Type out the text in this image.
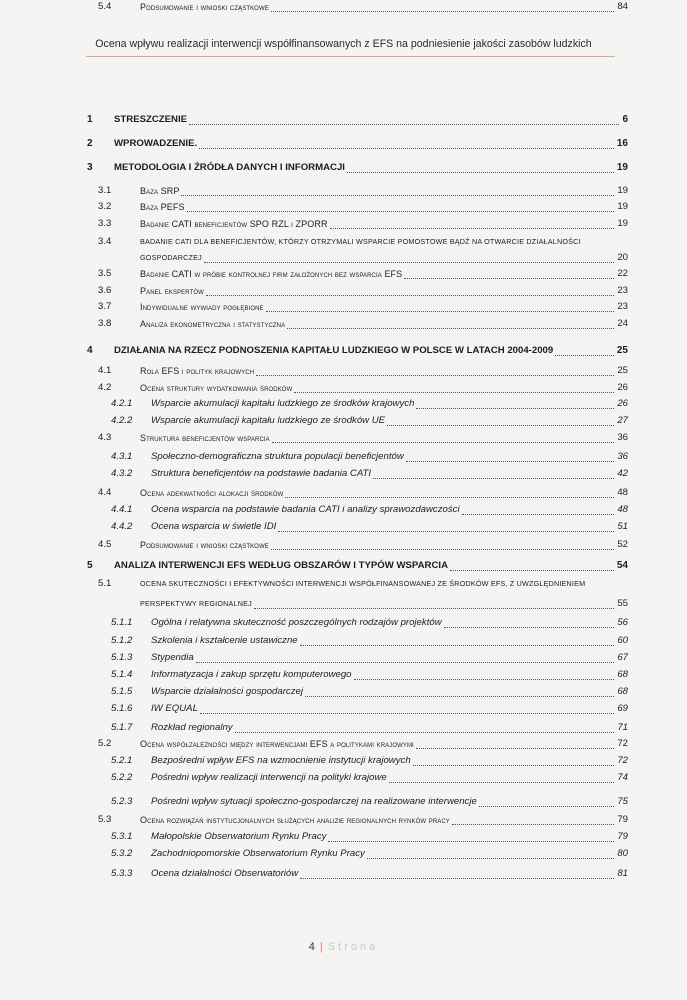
Ocena wpływu realizacji interwencji współfinansowanych z EFS na podniesienie jakości zasobów ludzkich
1 STRESZCZENIE	6
2 WPROWADZENIE.	16
3 METODOLOGIA I ŹRÓDŁA DANYCH I INFORMACJI	19
3.1	Baza SRP	19
3.2	Baza PEFS	19
3.3	Badanie CATI beneficjentów SPO RZL i ZPORR	19
3.4	BADANIE CATI DLA BENEFICJENTÓW, KTÓRZY OTRZYMALI WSPARCIE POMOSTOWE BĄDŹ NA OTWARCIE DZIAŁALNOŚCI
GOSPODARCZEJ	20
3.5	Badanie CATI w próbie kontrolnej firm założonych bez wsparcia EFS	22
3.6	Panel ekspertów	23
3.7	Indywidualne wywiady pogłębione	23
3.8	Analiza ekonometryczna i statystyczna	24
4 DZIAŁANIA NA RZECZ PODNOSZENIA KAPITAŁU LUDZKIEGO W POLSCE W LATACH 2004-2009	25
4.1	Rola EFS i polityk krajowych	25
4.2	Ocena struktury wydatkowania środków	26
4.2.1 Wsparcie akumulacji kapitału ludzkiego ze środków krajowych	26
4.2.2 Wsparcie akumulacji kapitału ludzkiego ze środków UE	27
4.3	Struktura beneficjentów wsparcia	36
4.3.1 Społeczno-demograficzna struktura populacji beneficjentów	36
4.3.2 Struktura beneficjentów na podstawie badania CATI	42
4.4	Ocena adekwatności alokacji środków	48
4.4.1 Ocena wsparcia na podstawie badania CATI i analizy sprawozdawczości	48
4.4.2 Ocena wsparcia w świetle IDI	51
4.5	Podsumowanie i wnioski cząstkowe	52
5 ANALIZA INTERWENCJI EFS WEDŁUG OBSZARÓW I TYPÓW WSPARCIA	54
5.1	OCENA SKUTECZNOŚCI I EFEKTYWNOŚCI INTERWENCJI WSPÓŁFINANSOWANEJ ZE ŚRODKÓW EFS, Z UWZGLĘDNIENIEM
PERSPEKTYWY REGIONALNEJ	55
5.1.1 Ogólna i relatywna skuteczność poszczególnych rodzajów projektów	56
5.1.2 Szkolenia i kształcenie ustawiczne	60
5.1.3 Stypendia	67
5.1.4 Informatyzacja i zakup sprzętu komputerowego	68
5.1.5 Wsparcie działalności gospodarczej	68
5.1.6 IW EQUAL	69
5.1.7 Rozkład regionalny	71
5.2	Ocena współzależności między interwencjami EFS a politykami krajowymi	72
5.2.1 Bezpośredni wpływ EFS na wzmocnienie instytucji krajowych	72
5.2.2 Pośredni wpływ realizacji interwencji na polityki krajowe	74
5.2.3 Pośredni wpływ sytuacji społeczno-gospodarczej na realizowane interwencje	75
5.3	Ocena rozwiązań instytucjonalnych służących analizie regionalnych rynków pracy	79
5.3.1 Małopolskie Obserwatorium Rynku Pracy	79
5.3.2 Zachodniopomorskie Obserwatorium Rynku Pracy	80
5.3.3 Ocena działalności Obserwatoriów	81
5.4	Podsumowanie i wnioski cząstkowe	84
4 | Strona
